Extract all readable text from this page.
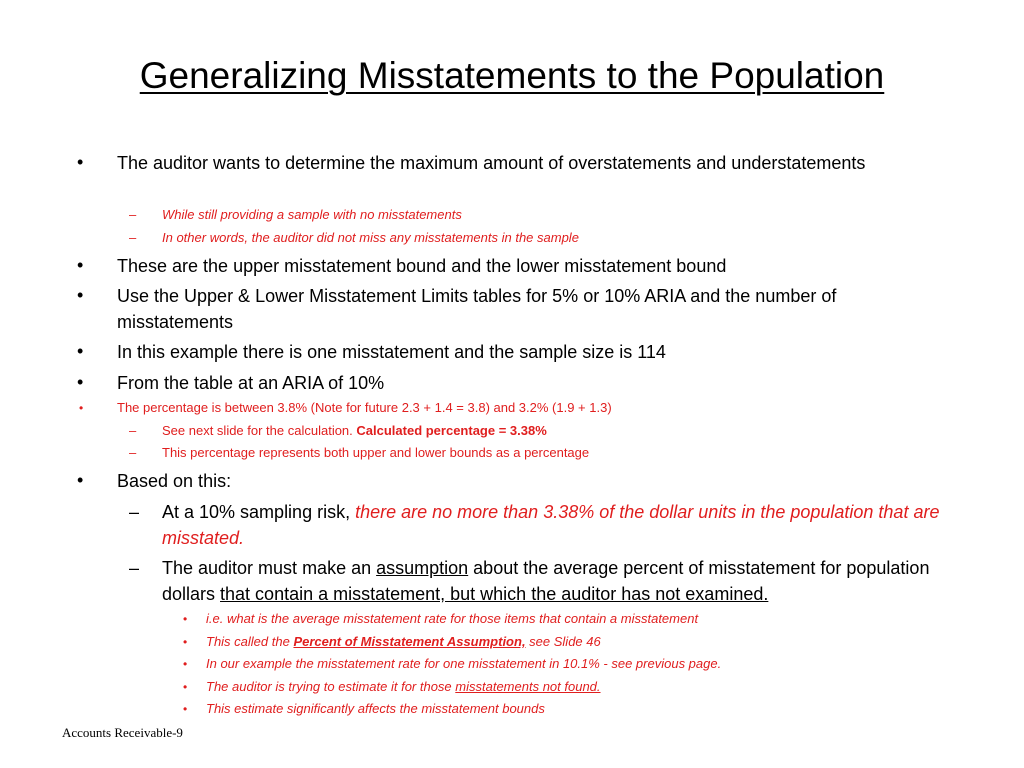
Generalizing Misstatements to the Population
• The auditor wants to determine the maximum amount of overstatements and understatements
– While still providing a sample with no misstatements
– In other words, the auditor did not miss any misstatements in the sample
• These are the upper misstatement bound and the lower misstatement bound
• Use the Upper & Lower Misstatement Limits tables for 5% or 10% ARIA and the number of misstatements
• In this example there is one misstatement and the sample size is 114
• From the table at an ARIA of 10%
•	The percentage is between 3.8% (Note for future 2.3 + 1.4 = 3.8) and 3.2% (1.9 + 1.3)
– See next slide for the calculation. Calculated percentage = 3.38%
– This percentage represents both upper and lower bounds as a percentage
• Based on this:
– At a 10% sampling risk, there are no more than 3.38% of the dollar units in the population that are misstated.
– The auditor must make an assumption about the average percent of misstatement for population dollars that contain a misstatement, but which the auditor has not examined.
• i.e. what is the average misstatement rate for those items that contain a misstatement
• This called the Percent of Misstatement Assumption, see Slide 46
• In our example the misstatement rate for one misstatement in 10.1% - see previous page.
• The auditor is trying to estimate it for those misstatements not found.
• This estimate significantly affects the misstatement bounds
Accounts Receivable-9
